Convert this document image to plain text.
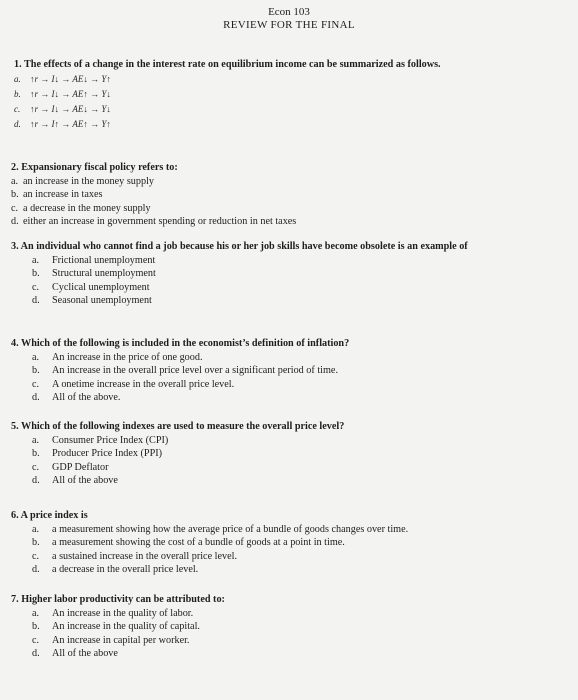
Econ 103
REVIEW FOR THE FINAL
1. The effects of a change in the interest rate on equilibrium income can be summarized as follows.
a. ↑r → I↓ → AE↓ → Y↑
b. ↑r → I↓ → AE↑ → Y↓
c. ↑r → I↓ → AE↓ → Y↓
d. ↑r → I↑ → AE↑ → Y↑
2. Expansionary fiscal policy refers to:
a. an increase in the money supply
b. an increase in taxes
c. a decrease in the money supply
d. either an increase in government spending or reduction in net taxes
3. An individual who cannot find a job because his or her job skills have become obsolete is an example of
a. Frictional unemployment
b. Structural unemployment
c. Cyclical unemployment
d. Seasonal unemployment
4. Which of the following is included in the economist’s definition of inflation?
a. An increase in the price of one good.
b. An increase in the overall price level over a significant period of time.
c. A onetime increase in the overall price level.
d. All of the above.
5. Which of the following indexes are used to measure the overall price level?
a. Consumer Price Index (CPI)
b. Producer Price Index (PPI)
c. GDP Deflator
d. All of the above
6. A price index is
a. a measurement showing how the average price of a bundle of goods changes over time.
b. a measurement showing the cost of a bundle of goods at a point in time.
c. a sustained increase in the overall price level.
d. a decrease in the overall price level.
7. Higher labor productivity can be attributed to:
a. An increase in the quality of labor.
b. An increase in the quality of capital.
c. An increase in capital per worker.
d. All of the above
